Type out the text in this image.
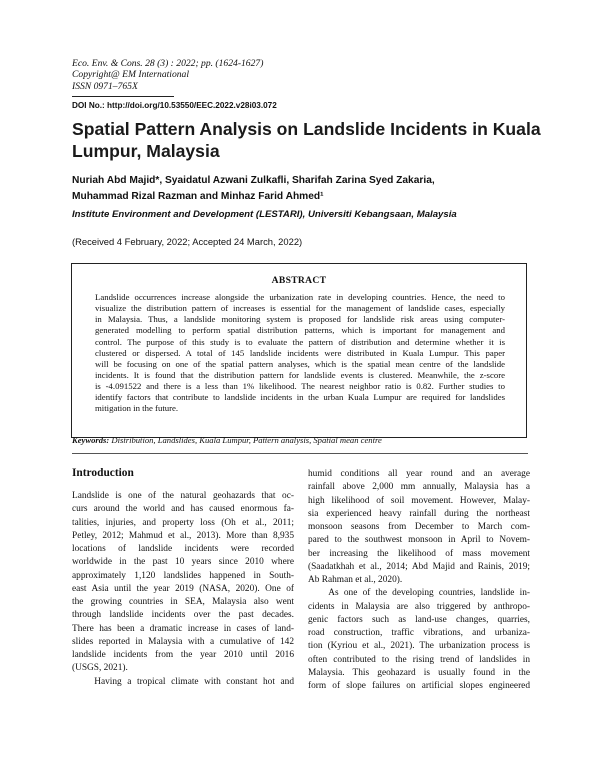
Eco. Env. & Cons. 28 (3) : 2022; pp. (1624-1627)
Copyright@ EM International
ISSN 0971–765X
DOI No.: http://doi.org/10.53550/EEC.2022.v28i03.072
Spatial Pattern Analysis on Landslide Incidents in Kuala Lumpur, Malaysia
Nuriah Abd Majid*, Syaidatul Azwani Zulkafli, Sharifah Zarina Syed Zakaria,
Muhammad Rizal Razman and Minhaz Farid Ahmed¹
Institute Environment and Development (LESTARI), Universiti Kebangsaan, Malaysia
(Received 4 February, 2022; Accepted 24 March, 2022)
ABSTRACT
Landslide occurrences increase alongside the urbanization rate in developing countries. Hence, the need to
visualize the distribution pattern of increases is essential for the management of landslide cases, especially
in Malaysia. Thus, a landslide monitoring system is proposed for landslide risk areas using computer-
generated modelling to perform spatial distribution patterns, which is important for management and
control. The purpose of this study is to evaluate the pattern of distribution and determine whether it is
clustered or dispersed. A total of 145 landslide incidents were distributed in Kuala Lumpur. This paper
will be focusing on one of the spatial pattern analyses, which is the spatial mean centre of the landslide
incidents. It is found that the distribution pattern for landslide events is clustered. Meanwhile, the z-score
is -4.091522 and there is a less than 1% likelihood. The nearest neighbor ratio is 0.82. Further studies to
identify factors that contribute to landslide incidents in the urban Kuala Lumpur are required for landslides
mitigation in the future.
Keywords: Distribution, Landslides, Kuala Lumpur, Pattern analysis, Spatial mean centre
Introduction
Landslide is one of the natural geohazards that oc-
curs around the world and has caused enormous fa-
talities, injuries, and property loss (Oh et al., 2011;
Petley, 2012; Mahmud et al., 2013). More than 8,935
locations of landslide incidents were recorded
worldwide in the past 10 years since 2010 where
approximately 1,120 landslides happened in South-
east Asia until the year 2019 (NASA, 2020). One of
the growing countries in SEA, Malaysia also went
through landslide incidents over the past decades.
There has been a dramatic increase in cases of land-
slides reported in Malaysia with a cumulative of 142
landslide incidents from the year 2010 until 2016
(USGS, 2021).
Having a tropical climate with constant hot and
humid conditions all year round and an average
rainfall above 2,000 mm annually, Malaysia has a
high likelihood of soil movement. However, Malay-
sia experienced heavy rainfall during the northeast
monsoon seasons from December to March com-
pared to the southwest monsoon in April to Novem-
ber increasing the likelihood of mass movement
(Saadatkhah et al., 2014; Abd Majid and Rainis, 2019;
Ab Rahman et al., 2020).
As one of the developing countries, landslide in-
cidents in Malaysia are also triggered by anthropo-
genic factors such as land-use changes, quarries,
road construction, traffic vibrations, and urbaniza-
tion (Kyriou et al., 2021). The urbanization process is
often contributed to the rising trend of landslides in
Malaysia. This geohazard is usually found in the
form of slope failures on artificial slopes engineered
